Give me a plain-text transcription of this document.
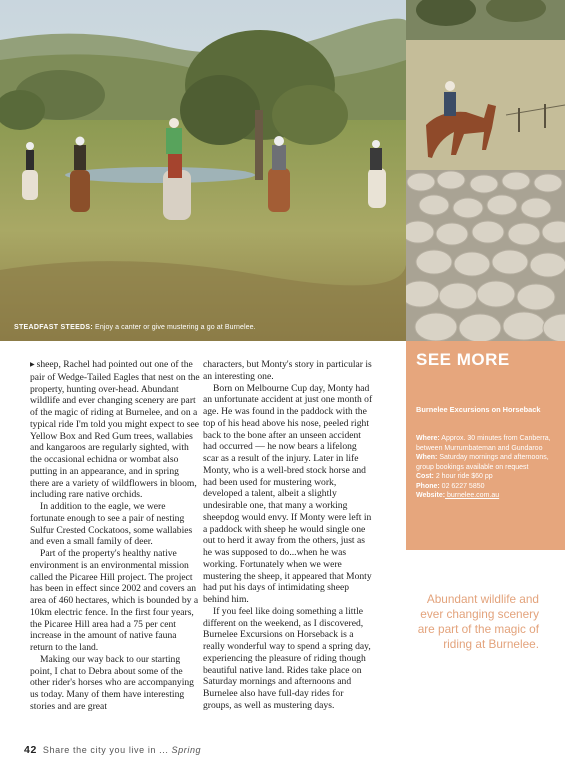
STEADFAST STEEDS: Enjoy a canter or give mustering a go at Burnelee.

▶ sheep, Rachel had pointed out one of the pair of Wedge-Tailed Eagles that nest on the property, hunting over-head. Abundant wildlife and ever changing scenery are part of the magic of riding at Burnelee, and on a typical ride I'm told you might expect to see Yellow Box and Red Gum trees, wallabies and kangaroos are regularly sighted, with the occasional echidna or wombat also putting in an appearance, and in spring there are a variety of wildflowers in bloom, including rare native orchids.

In addition to the eagle, we were fortunate enough to see a pair of nesting Sulfur Crested Cockatoos, some wallabies and even a small family of deer.

Part of the property's healthy native environment is an environmental mission called the Picaree Hill project. The project has been in effect since 2002 and covers an area of 460 hectares, which is bounded by a 10km electric fence. In the first four years, the Picaree Hill area had a 75 per cent increase in the amount of native fauna return to the land.

Making our way back to our starting point, I chat to Debra about some of the other rider's horses who are accompanying us today. Many of them have interesting stories and are great

characters, but Monty's story in particular is an interesting one.

Born on Melbourne Cup day, Monty had an unfortunate accident at just one month of age. He was found in the paddock with the top of his head above his nose, peeled right back to the bone after an unseen accident had occurred — he now bears a lifelong scar as a result of the injury. Later in life Monty, who is a well-bred stock horse and had been used for mustering work, developed a talent, albeit a slightly undesirable one, that many a working sheepdog would envy. If Monty were left in a paddock with sheep he would single one out to herd it away from the others, just as he was supposed to do...when he was working. Fortunately when we were mustering the sheep, it appeared that Monty had put his days of intimidating sheep behind him.

If you feel like doing something a little different on the weekend, as I discovered, Burnelee Excursions on Horseback is a really wonderful way to spend a spring day, experiencing the pleasure of riding though beautiful native land. Rides take place on Saturday mornings and afternoons and Burnelee also have full-day rides for groups, as well as mustering days.

SEE MORE
Burnelee Excursions on Horseback
Where: Approx. 30 minutes from Canberra, between Murrumbateman and Gundaroo
When: Saturday mornings and afternoons, group bookings available on request
Cost: 2 hour ride $60 pp
Phone: 02 6227 5850
Website: burnelee.com.au
Abundant wildlife and ever changing scenery are part of the magic of riding at Burnelee.
42 Share the city you live in ... Spring
